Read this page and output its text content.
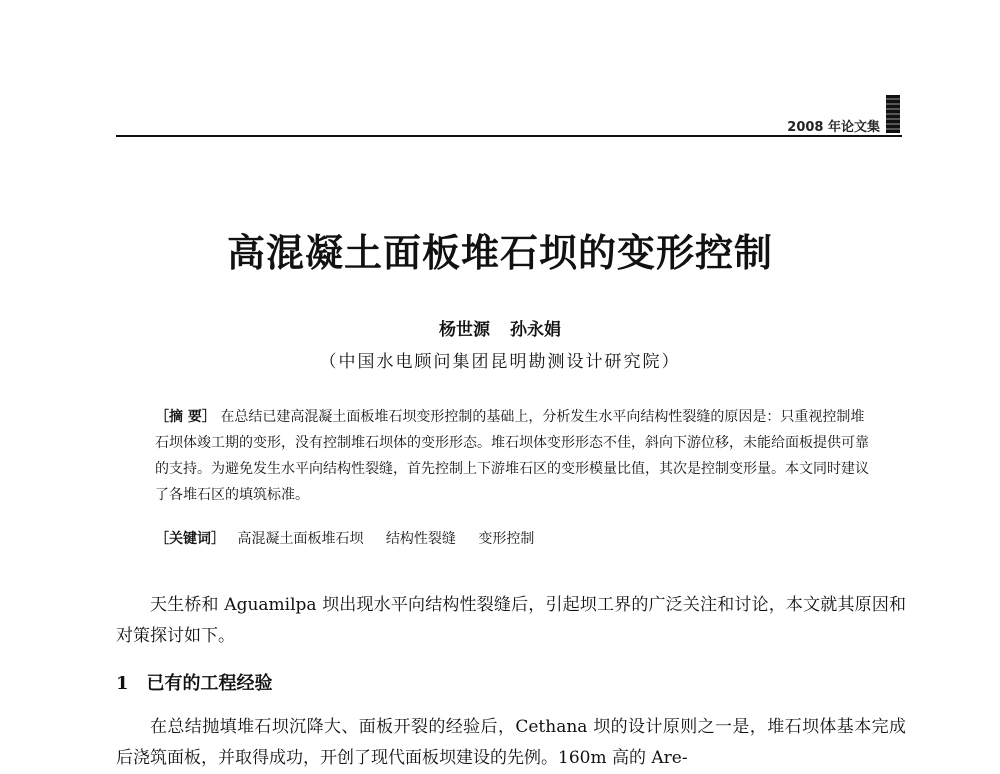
2008 年论文集
高混凝土面板堆石坝的变形控制
杨世源 孙永娟
（中国水电顾问集团昆明勘测设计研究院）
［摘 要］ 在总结已建高混凝土面板堆石坝变形控制的基础上，分析发生水平向结构性裂缝的原因是：只重视控制堆石坝体竣工期的变形，没有控制堆石坝体的变形形态。堆石坝体变形形态不佳，斜向下游位移，未能给面板提供可靠的支持。为避免发生水平向结构性裂缝，首先控制上下游堆石区的变形模量比值，其次是控制变形量。本文同时建议了各堆石区的填筑标准。
［关键词］ 高混凝土面板堆石坝 结构性裂缝 变形控制
天生桥和 Aguamilpa 坝出现水平向结构性裂缝后，引起坝工界的广泛关注和讨论，本文就其原因和对策探讨如下。
1 已有的工程经验
在总结抛填堆石坝沉降大、面板开裂的经验后，Cethana 坝的设计原则之一是，堆石坝体基本完成后浇筑面板，并取得成功，开创了现代面板坝建设的先例。160m 高的 Are-
